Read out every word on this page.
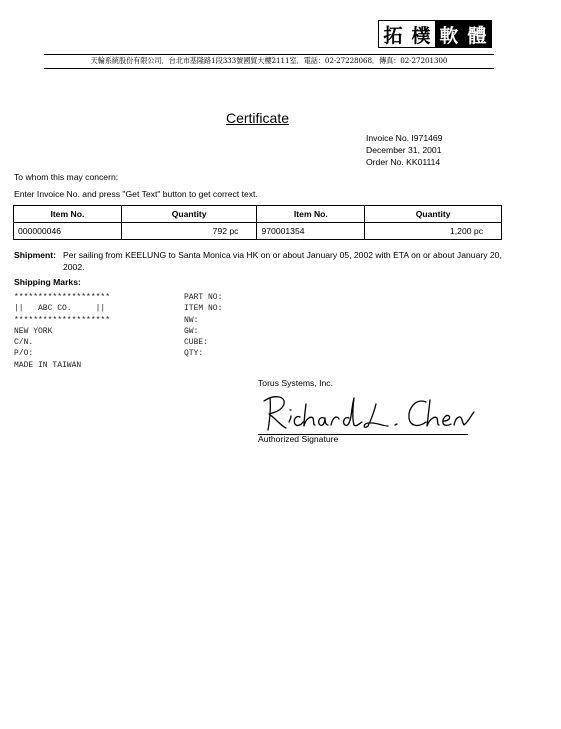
拓 樸 軟 體
天輪系統股份有限公司．台北市基隆路1段333號國貿大樓2111室．電話：02-27228068．傳真：02-27201300
Certificate
Invoice No. I971469
December 31, 2001
Order No. KK01114
To whom this may concern:
Enter Invoice No. and press "Get Text" button to get correct text.
Item No.	Quantity	Item No.	Quantity
000000046	792 pc	970001354	1,200 pc
Shipment: Per sailing from KEELUNG to Santa Monica via HK on or about January 05, 2002 with ETA on or about January 20, 2002.
Shipping Marks:
********************
||   ABC CO.     ||
********************
NEW YORK
C/N.
P/O:
MADE IN TAIWAN
PART NO:
ITEM NO:
NW:
GW:
CUBE:
QTY:
Torus Systems, Inc.
Authorized Signature
